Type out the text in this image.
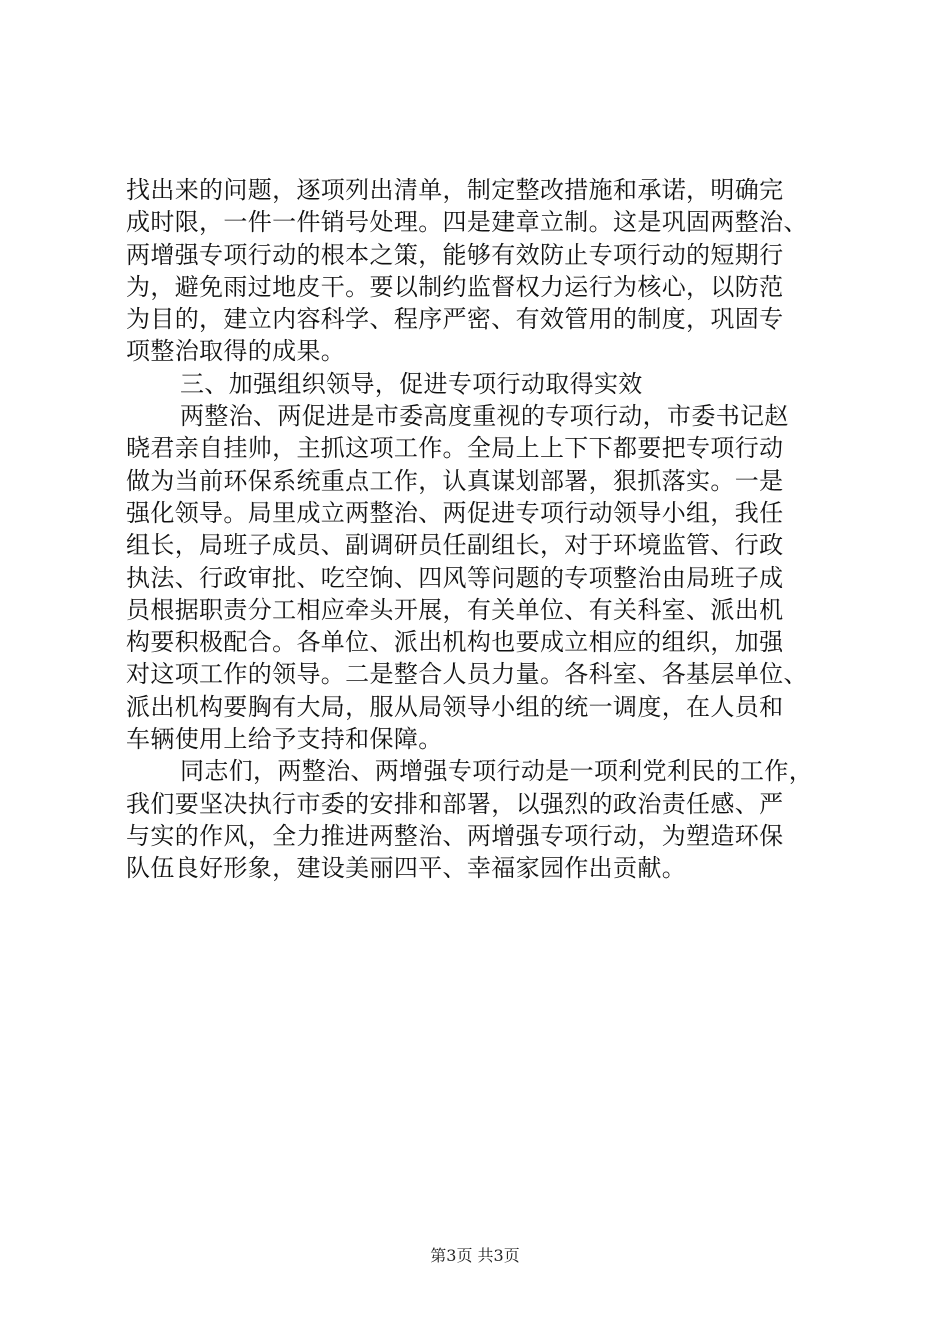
找出来的问题，逐项列出清单，制定整改措施和承诺，明确完
成时限，一件一件销号处理。四是建章立制。这是巩固两整治、
两增强专项行动的根本之策，能够有效防止专项行动的短期行
为，避免雨过地皮干。要以制约监督权力运行为核心，以防范
为目的，建立内容科学、程序严密、有效管用的制度，巩固专
项整治取得的成果。
三、加强组织领导，促进专项行动取得实效
两整治、两促进是市委高度重视的专项行动，市委书记赵
晓君亲自挂帅，主抓这项工作。全局上上下下都要把专项行动
做为当前环保系统重点工作，认真谋划部署，狠抓落实。一是
强化领导。局里成立两整治、两促进专项行动领导小组，我任
组长，局班子成员、副调研员任副组长，对于环境监管、行政
执法、行政审批、吃空饷、四风等问题的专项整治由局班子成
员根据职责分工相应牵头开展，有关单位、有关科室、派出机
构要积极配合。各单位、派出机构也要成立相应的组织，加强
对这项工作的领导。二是整合人员力量。各科室、各基层单位、
派出机构要胸有大局，服从局领导小组的统一调度，在人员和
车辆使用上给予支持和保障。
同志们，两整治、两增强专项行动是一项利党利民的工作，
我们要坚决执行市委的安排和部署，以强烈的政治责任感、严
与实的作风，全力推进两整治、两增强专项行动，为塑造环保
队伍良好形象，建设美丽四平、幸福家园作出贡献。
第3页 共3页
